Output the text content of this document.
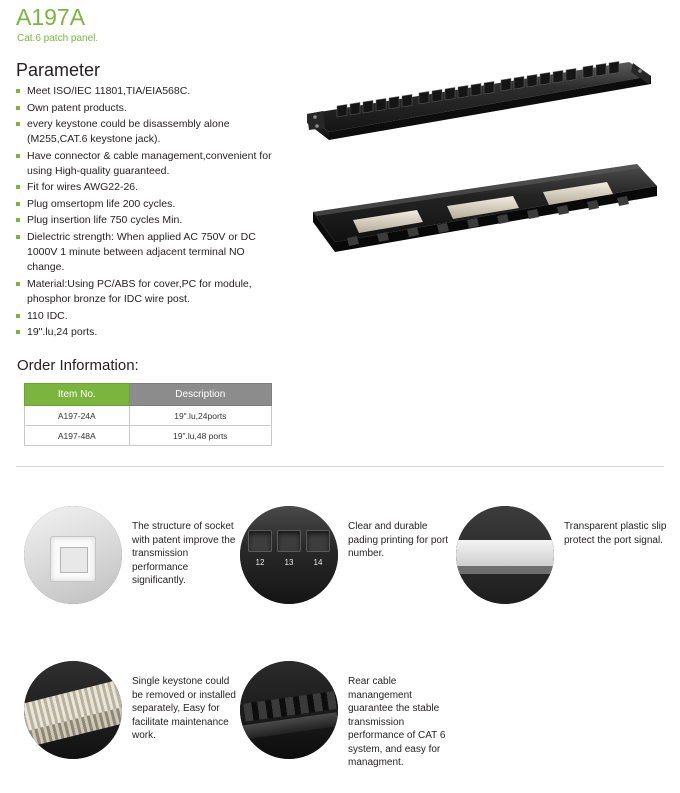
A197A
Cat.6 patch panel.
Parameter
Meet ISO/IEC 11801,TIA/EIA568C.
Own patent products.
every keystone could be disassembly alone (M255,CAT.6 keystone jack).
Have connector & cable management,convenient for using High-quality guaranteed.
Fit for wires AWG22-26.
Plug omsertopm life 200 cycles.
Plug insertion life 750 cycles Min.
Dielectric strength: When applied AC 750V or DC 1000V 1 minute between adjacent terminal NO change.
Material:Using PC/ABS for cover,PC for module, phosphor bronze for IDC wire post.
110 IDC.
19".lu,24 ports.
Order Information:
Item No.	Description
A197-24A	19".lu,24ports
A197-48A	19".lu,48 ports
The structure of socket with patent improve the transmission performance significantly.
12	13	14
Clear and durable pading printing for port number.
Transparent plastic slip protect the port signal.
Single keystone could be removed or installed separately, Easy for facilitate maintenance work.
Rear cable manangement guarantee the stable transmission performance of CAT 6 system, and easy for managment.
